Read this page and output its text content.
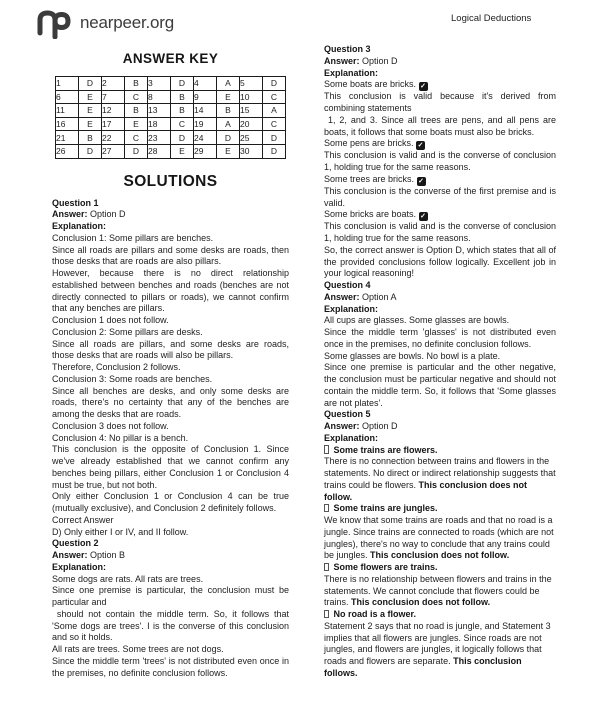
nearpeer.org	Logical Deductions
ANSWER KEY
1	D	2	B	3	D	4	A	5	D
6	E	7	C	8	B	9	E	10	C
11	E	12	B	13	B	14	B	15	A
16	E	17	E	18	C	19	A	20	C
21	B	22	C	23	D	24	D	25	D
26	D	27	D	28	E	29	E	30	D
SOLUTIONS

Question 1

Answer: Option D

Explanation:

Conclusion 1: Some pillars are benches.

Since all roads are pillars and some desks are roads, then those desks that are roads are also pillars.

However, because there is no direct relationship established between benches and roads (benches are not directly connected to pillars or roads), we cannot confirm that any benches are pillars.

Conclusion 1 does not follow.

Conclusion 2: Some pillars are desks.

Since all roads are pillars, and some desks are roads, those desks that are roads will also be pillars.

Therefore, Conclusion 2 follows.

Conclusion 3: Some roads are benches.

Since all benches are desks, and only some desks are roads, there's no certainty that any of the benches are among the desks that are roads.

Conclusion 3 does not follow.

Conclusion 4: No pillar is a bench.

This conclusion is the opposite of Conclusion 1. Since we've already established that we cannot confirm any benches being pillars, either Conclusion 1 or Conclusion 4 must be true, but not both.

Only either Conclusion 1 or Conclusion 4 can be true (mutually exclusive), and Conclusion 2 definitely follows.

Correct Answer

D) Only either I or IV, and II follow.

Question 2

Answer: Option B

Explanation:

Some dogs are rats. All rats are trees.

Since one premise is particular, the conclusion must be particular and

should not contain the middle term. So, it follows that 'Some dogs are trees'. I is the converse of this conclusion and so it holds.

All rats are trees. Some trees are not dogs.

Since the middle term 'trees' is not distributed even once in the premises, no definite conclusion follows.

Question 3

Answer: Option D

Explanation:

Some boats are bricks. ✓

This conclusion is valid because it's derived from combining statements

1, 2, and 3. Since all trees are pens, and all pens are boats, it follows that some boats must also be bricks.

Some pens are bricks. ✓

This conclusion is valid and is the converse of conclusion 1, holding true for the same reasons.

Some trees are bricks. ✓

This conclusion is the converse of the first premise and is valid.

Some bricks are boats. ✓

This conclusion is valid and is the converse of conclusion 1, holding true for the same reasons.

So, the correct answer is Option D, which states that all of the provided conclusions follow logically. Excellent job in your logical reasoning!

Question 4

Answer: Option A

Explanation:

All cups are glasses. Some glasses are bowls.

Since the middle term 'glasses' is not distributed even once in the premises, no definite conclusion follows.

Some glasses are bowls. No bowl is a plate.

Since one premise is particular and the other negative, the conclusion must be particular negative and should not contain the middle term. So, it follows that 'Some glasses are not plates'.

Question 5

Answer: Option D

Explanation:

Some trains are flowers.

There is no connection between trains and flowers in the statements. No direct or indirect relationship suggests that trains could be flowers. This conclusion does not follow.

Some trains are jungles.

We know that some trains are roads and that no road is a jungle. Since trains are connected to roads (which are not jungles), there's no way to conclude that any trains could be jungles. This conclusion does not follow.

Some flowers are trains.

There is no relationship between flowers and trains in the statements. We cannot conclude that flowers could be trains. This conclusion does not follow.

No road is a flower.

Statement 2 says that no road is jungle, and Statement 3 implies that all flowers are jungles. Since roads are not jungles, and flowers are jungles, it logically follows that roads and flowers are separate. This conclusion follows.
